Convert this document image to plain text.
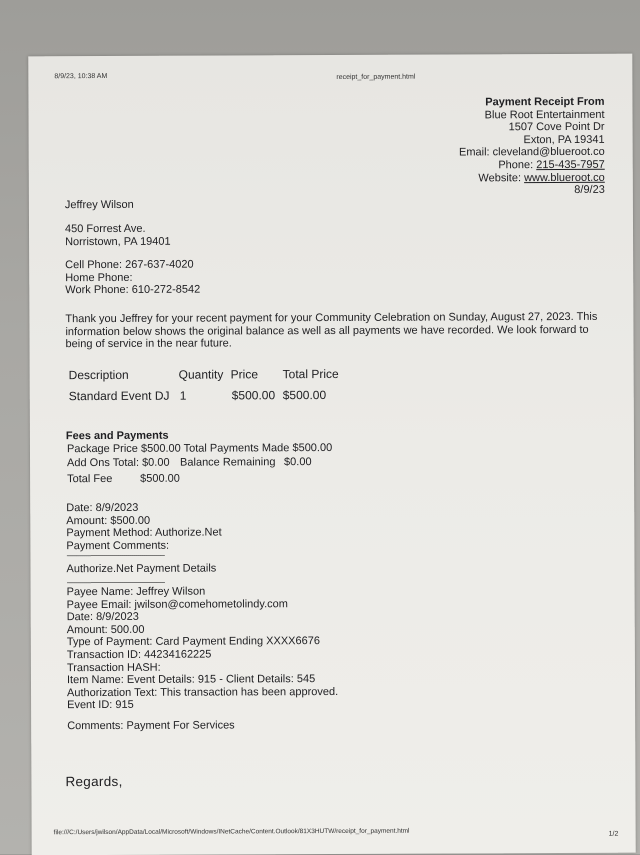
8/9/23, 10:38 AM	receipt_for_payment.html
Payment Receipt From
Blue Root Entertainment
1507 Cove Point Dr
Exton, PA 19341
Email: cleveland@blueroot.co
Phone: 215-435-7957
Website: www.blueroot.co
8/9/23
Jeffrey Wilson
450 Forrest Ave.
Norristown, PA 19401
Cell Phone: 267-637-4020
Home Phone:
Work Phone: 610-272-8542
Thank you Jeffrey for your recent payment for your Community Celebration on Sunday, August 27, 2023. This information below shows the original balance as well as all payments we have recorded. We look forward to being of service in the near future.
Description	Quantity Price Total Price
Standard Event DJ 1	$500.00 $500.00
Fees and Payments
Package Price $500.00 Total Payments Made $500.00
Add Ons Total: $0.00 Balance Remaining $0.00
Total Fee	$500.00
Date: 8/9/2023
Amount: $500.00
Payment Method: Authorize.Net
Payment Comments:
-------------------------------------------------
Authorize.Net Payment Details
-------------------------------------------------
Payee Name: Jeffrey Wilson
Payee Email: jwilson@comehometolindy.com
Date: 8/9/2023
Amount: 500.00
Type of Payment: Card Payment Ending XXXX6676
Transaction ID: 44234162225
Transaction HASH:
Item Name: Event Details: 915 - Client Details: 545
Authorization Text: This transaction has been approved.
Event ID: 915
Comments: Payment For Services
Regards,
file:///C:/Users/jwilson/AppData/Local/Microsoft/Windows/INetCache/Content.Outlook/81X3HUTW/receipt_for_payment.html	1/2
